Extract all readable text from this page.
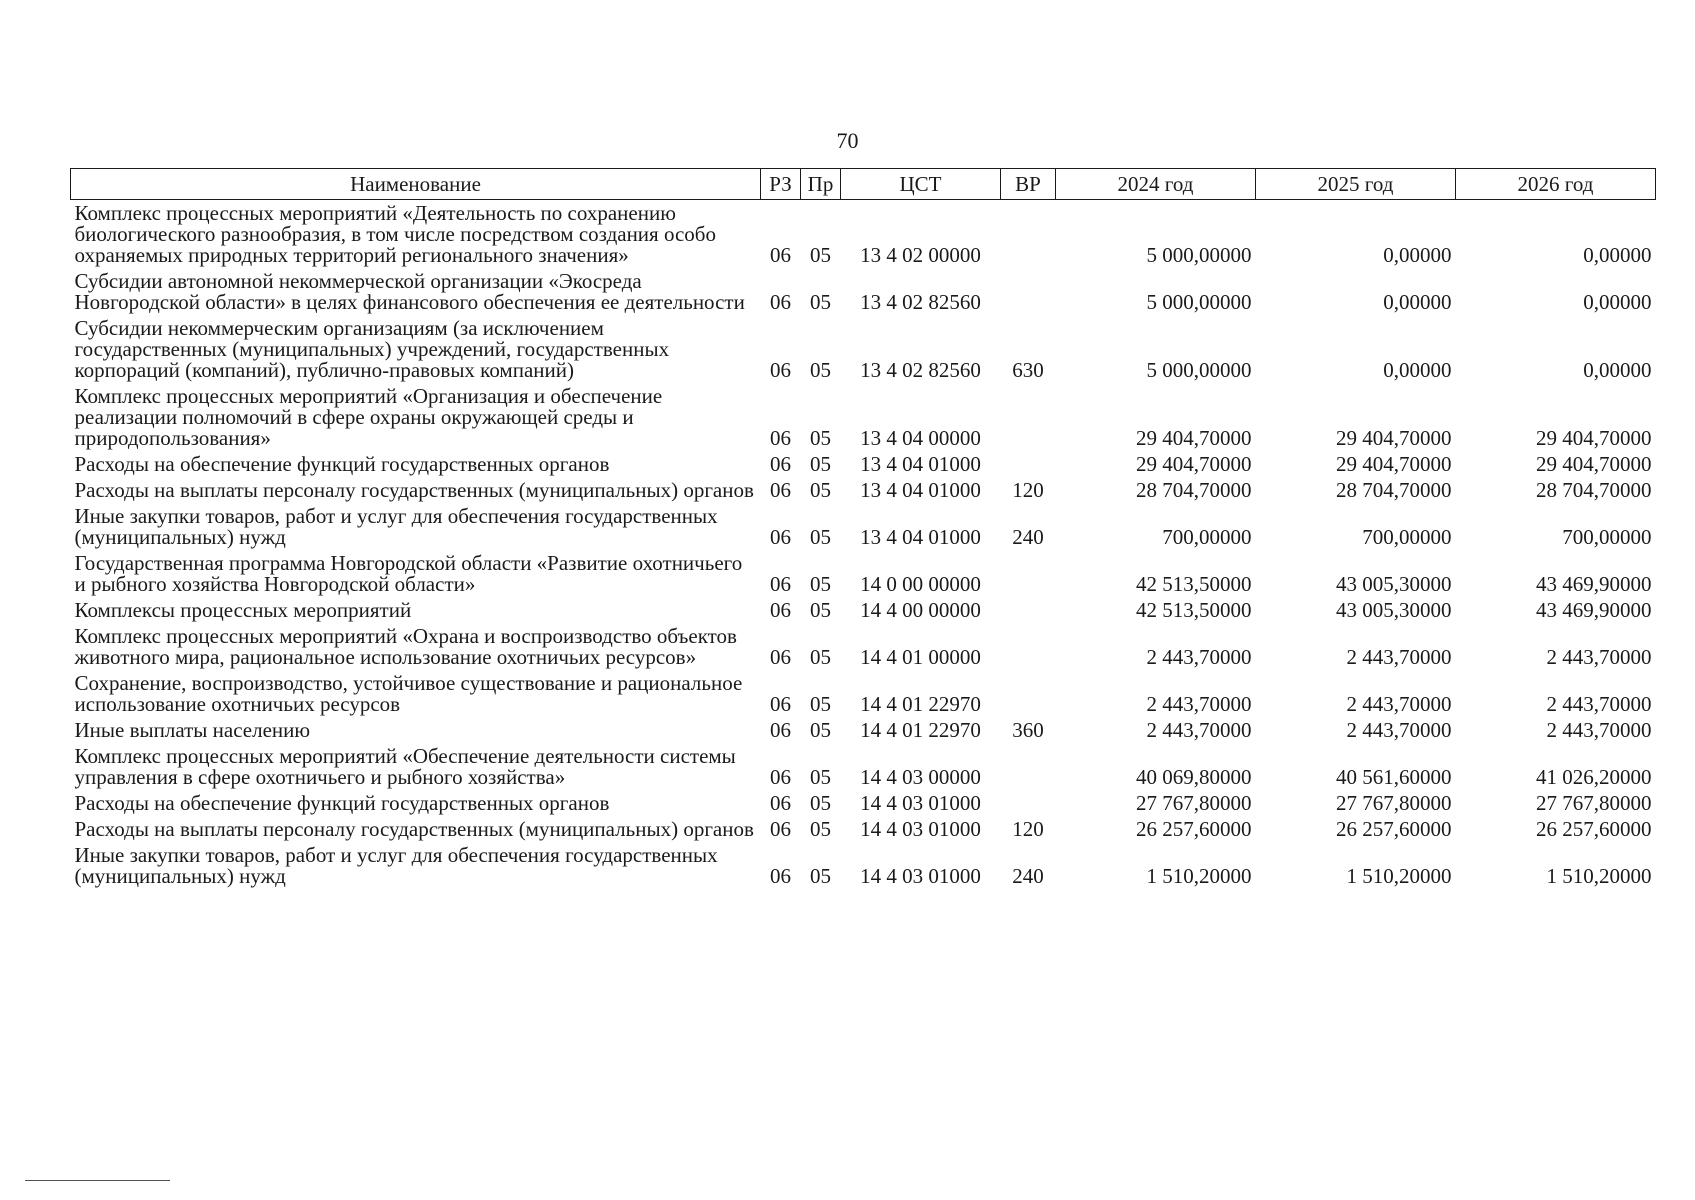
70
Наименование	РЗ	Пр	ЦСТ	ВР	2024 год	2025 год	2026 год
Комплекс процессных мероприятий «Деятельность по сохранению биологического разнообразия, в том числе посредством создания особо охраняемых природных территорий регионального значения»	06	05	13 4 02 00000		5 000,00000	0,00000	0,00000
Субсидии автономной некоммерческой организации «Экосреда Новгородской области» в целях финансового обеспечения ее деятельности	06	05	13 4 02 82560		5 000,00000	0,00000	0,00000
Субсидии некоммерческим организациям (за исключением государственных (муниципальных) учреждений, государственных корпораций (компаний), публично-правовых компаний)	06	05	13 4 02 82560	630	5 000,00000	0,00000	0,00000
Комплекс процессных мероприятий «Организация и обеспечение реализации полномочий в сфере охраны окружающей среды и природопользования»	06	05	13 4 04 00000		29 404,70000	29 404,70000	29 404,70000
Расходы на обеспечение функций государственных органов	06	05	13 4 04 01000		29 404,70000	29 404,70000	29 404,70000
Расходы на выплаты персоналу государственных (муниципальных) органов	06	05	13 4 04 01000	120	28 704,70000	28 704,70000	28 704,70000
Иные закупки товаров, работ и услуг для обеспечения государственных (муниципальных) нужд	06	05	13 4 04 01000	240	700,00000	700,00000	700,00000
Государственная программа Новгородской области «Развитие охотничьего и рыбного хозяйства Новгородской области»	06	05	14 0 00 00000		42 513,50000	43 005,30000	43 469,90000
Комплексы процессных мероприятий	06	05	14 4 00 00000		42 513,50000	43 005,30000	43 469,90000
Комплекс процессных мероприятий «Охрана и воспроизводство объектов животного мира, рациональное использование охотничьих ресурсов»	06	05	14 4 01 00000		2 443,70000	2 443,70000	2 443,70000
Сохранение, воспроизводство, устойчивое существование и рациональное использование охотничьих ресурсов	06	05	14 4 01 22970		2 443,70000	2 443,70000	2 443,70000
Иные выплаты населению	06	05	14 4 01 22970	360	2 443,70000	2 443,70000	2 443,70000
Комплекс процессных мероприятий «Обеспечение деятельности системы управления в сфере охотничьего и рыбного хозяйства»	06	05	14 4 03 00000		40 069,80000	40 561,60000	41 026,20000
Расходы на обеспечение функций государственных органов	06	05	14 4 03 01000		27 767,80000	27 767,80000	27 767,80000
Расходы на выплаты персоналу государственных (муниципальных) органов	06	05	14 4 03 01000	120	26 257,60000	26 257,60000	26 257,60000
Иные закупки товаров, работ и услуг для обеспечения государственных (муниципальных) нужд	06	05	14 4 03 01000	240	1 510,20000	1 510,20000	1 510,20000
